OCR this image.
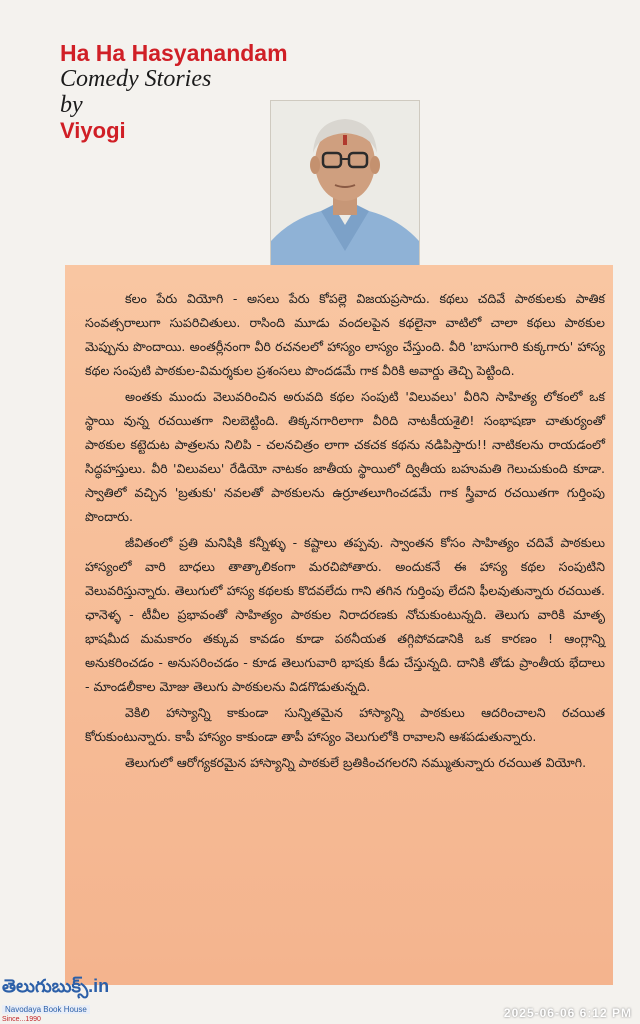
Ha Ha Hasyanandam
Comedy Stories
by
Viyogi

కలం పేరు వియోగి - అసలు పేరు కోపల్లె విజయప్రసాదు. కథలు చదివే పాఠకులకు పాతిక సంవత్సరాలుగా సుపరిచితులు. రాసింది మూడు వందలపైన కథలైనా వాటిలో చాలా కథలు పాఠకుల మెప్పును పొందాయి. అంతర్లీనంగా వీరి రచనలలో హాస్యం లాస్యం చేస్తుంది. వీరి 'బాసుగారి కుక్కగారు' హాస్య కథల సంపుటి పాఠకుల-విమర్శకుల ప్రశంసలు పొందడమే గాక వీరికి అవార్డు తెచ్చి పెట్టింది.

అంతకు ముందు వెలువరించిన అరువది కథల సంపుటి 'విలువలు' వీరిని సాహిత్య లోకంలో ఒక స్థాయి వున్న రచయితగా నిలబెట్టింది. తిక్కనగారిలాగా వీరిది నాటకీయశైలి! సంభాషణా చాతుర్యంతో పాఠకుల కట్టెదుట పాత్రలను నిలిపి - చలనచిత్రం లాగా చకచక కథను నడిపిస్తారు!! నాటికలను రాయడంలో సిద్ధహస్తులు. వీరి 'విలువలు' రేడియో నాటకం జాతీయ స్థాయిలో ద్వితీయ బహుమతి గెలుచుకుంది కూడా. స్వాతిలో వచ్చిన 'బ్రతుకు' నవలతో పాఠకులను ఉర్రూతలూగించడమే గాక స్త్రీవాద రచయితగా గుర్తింపు పొందారు.

జీవితంలో ప్రతి మనిషికి కన్నీళ్ళు - కష్టాలు తప్పవు. స్వాంతన కోసం సాహిత్యం చదివే పాఠకులు హాస్యంలో వారి బాధలు తాత్కాలికంగా మరచిపోతారు. అందుకనే ఈ హాస్య కథల సంపుటిని వెలువరిస్తున్నారు. తెలుగులో హాస్య కథలకు కొదవలేదు గాని తగిన గుర్తింపు లేదని ఫీలవుతున్నారు రచయిత. ఛానెళ్ళ - టీవీల ప్రభావంతో సాహిత్యం పాఠకుల నిరాదరణకు నోచుకుంటున్నది. తెలుగు వారికి మాతృ భాషమీద మమకారం తక్కువ కావడం కూడా పఠనీయత తగ్గిపోవడానికి ఒక కారణం ! ఆంగ్లాన్ని అనుకరించడం - అనుసరించడం - కూడ తెలుగువారి భాషకు కీడు చేస్తున్నది. దానికి తోడు ప్రాంతీయ భేదాలు - మాండలీకాల మోజు తెలుగు పాఠకులను విడగొడుతున్నది.

వెకిలి హాస్యాన్ని కాకుండా సున్నితమైన హాస్యాన్ని పాఠకులు ఆదరించాలని రచయిత కోరుకుంటున్నారు. కాపీ హాస్యం కాకుండా తాపీ హాస్యం వెలుగులోకి రావాలని ఆశపడుతున్నారు.

తెలుగులో ఆరోగ్యకరమైన హాస్యాన్ని పాఠకులే బ్రతికించగలరని నమ్ముతున్నారు రచయిత వియోగి.

తెలుగుబుక్స్.in
Navodaya Book House
Since...1990	2025-06-06 6:12 PM
